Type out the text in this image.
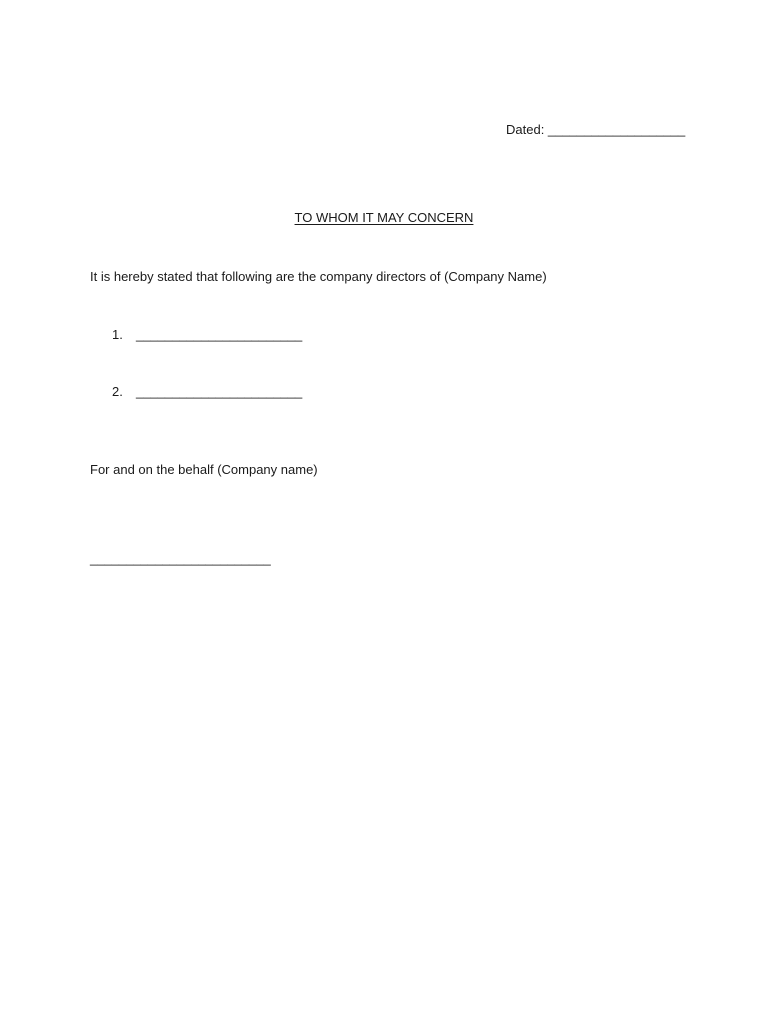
Dated: ___________________
TO WHOM IT MAY CONCERN
It is hereby stated that following are the company directors of (Company Name)
1. _______________________
2. _______________________
For and on the behalf (Company name)
_________________________
